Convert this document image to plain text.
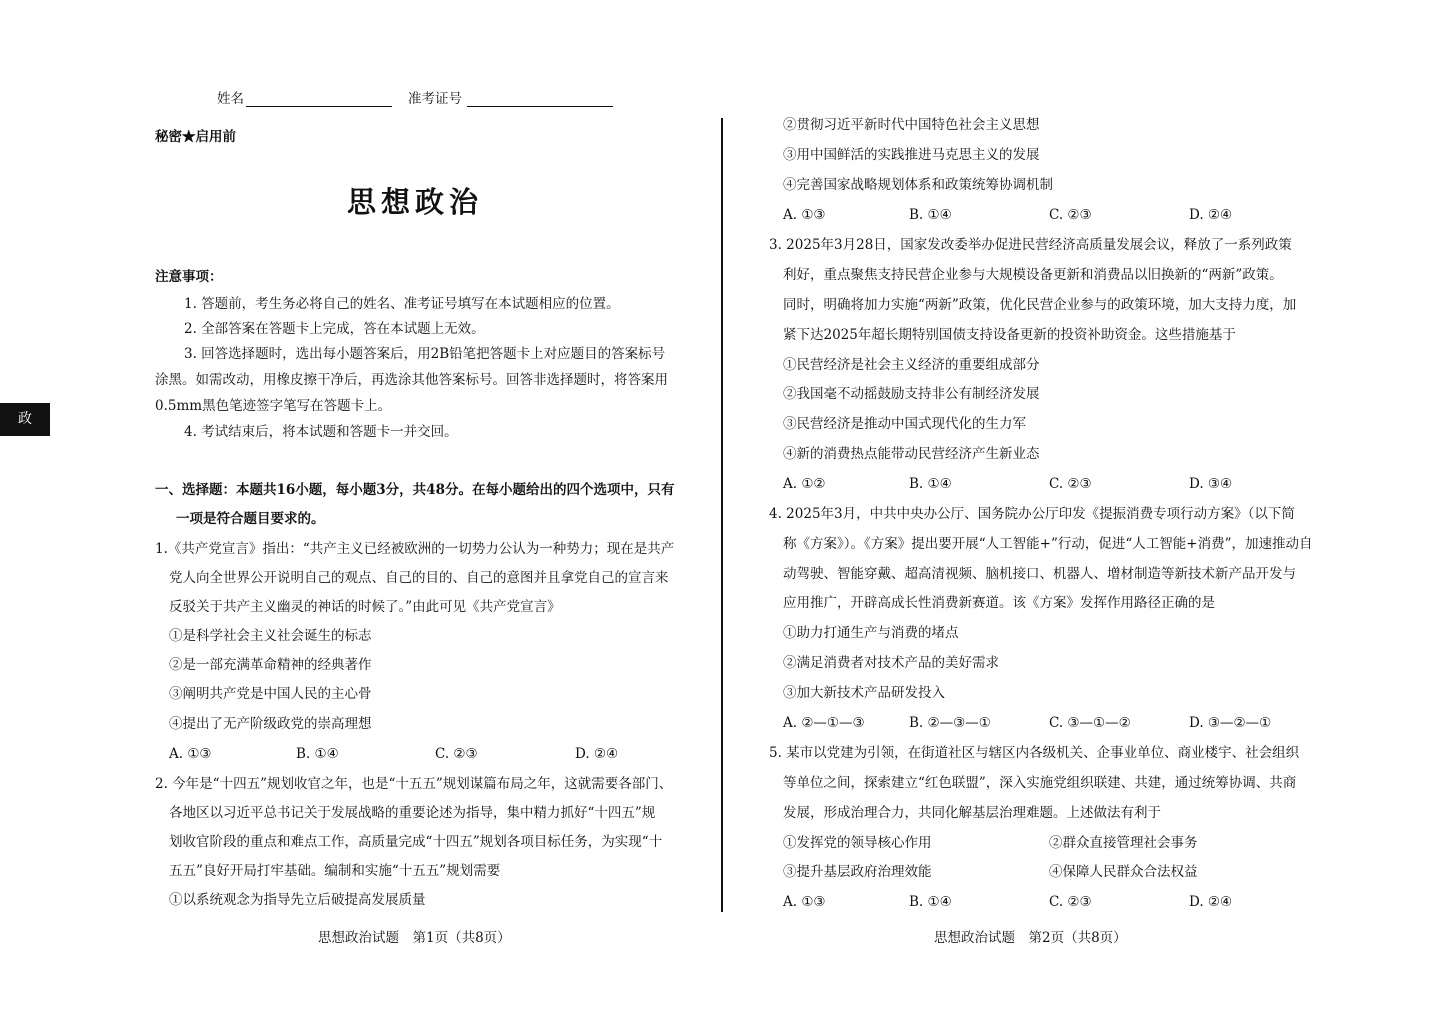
政
姓名	准考证号
秘密★启用前
思想政治
注意事项：
1. 答题前，考生务必将自己的姓名、准考证号填写在本试题相应的位置。
2. 全部答案在答题卡上完成，答在本试题上无效。
3. 回答选择题时，选出每小题答案后，用2B铅笔把答题卡上对应题目的答案标号
涂黑。如需改动，用橡皮擦干净后，再选涂其他答案标号。回答非选择题时，将答案用
0.5mm黑色笔迹签字笔写在答题卡上。
4. 考试结束后，将本试题和答题卡一并交回。
一、选择题：本题共16小题，每小题3分，共48分。在每小题给出的四个选项中，只有
一项是符合题目要求的。
1.《共产党宣言》指出：“共产主义已经被欧洲的一切势力公认为一种势力；现在是共产
党人向全世界公开说明自己的观点、自己的目的、自己的意图并且拿党自己的宣言来
反驳关于共产主义幽灵的神话的时候了。”由此可见《共产党宣言》
①是科学社会主义社会诞生的标志
②是一部充满革命精神的经典著作
③阐明共产党是中国人民的主心骨
④提出了无产阶级政党的崇高理想
A. ①③	B. ①④	C. ②③	D. ②④
2. 今年是“十四五”规划收官之年，也是“十五五”规划谋篇布局之年，这就需要各部门、
各地区以习近平总书记关于发展战略的重要论述为指导，集中精力抓好“十四五”规
划收官阶段的重点和难点工作，高质量完成“十四五”规划各项目标任务，为实现“十
五五”良好开局打牢基础。编制和实施“十五五”规划需要
①以系统观念为指导先立后破提高发展质量
②贯彻习近平新时代中国特色社会主义思想
③用中国鲜活的实践推进马克思主义的发展
④完善国家战略规划体系和政策统筹协调机制
A. ①③	B. ①④	C. ②③	D. ②④
3. 2025年3月28日，国家发改委举办促进民营经济高质量发展会议，释放了一系列政策
利好，重点聚焦支持民营企业参与大规模设备更新和消费品以旧换新的“两新”政策。
同时，明确将加力实施“两新”政策，优化民营企业参与的政策环境，加大支持力度，加
紧下达2025年超长期特别国债支持设备更新的投资补助资金。这些措施基于
①民营经济是社会主义经济的重要组成部分
②我国毫不动摇鼓励支持非公有制经济发展
③民营经济是推动中国式现代化的生力军
④新的消费热点能带动民营经济产生新业态
A. ①②	B. ①④	C. ②③	D. ③④
4. 2025年3月，中共中央办公厅、国务院办公厅印发《提振消费专项行动方案》（以下简
称《方案》）。《方案》提出要开展“人工智能+”行动，促进“人工智能+消费”，加速推动自
动驾驶、智能穿戴、超高清视频、脑机接口、机器人、增材制造等新技术新产品开发与
应用推广，开辟高成长性消费新赛道。该《方案》发挥作用路径正确的是
①助力打通生产与消费的堵点
②满足消费者对技术产品的美好需求
③加大新技术产品研发投入
A. ②—①—③	B. ②—③—①	C. ③—①—②	D. ③—②—①
5. 某市以党建为引领，在街道社区与辖区内各级机关、企事业单位、商业楼宇、社会组织
等单位之间，探索建立“红色联盟”，深入实施党组织联建、共建，通过统筹协调、共商
发展，形成治理合力，共同化解基层治理难题。上述做法有利于
①发挥党的领导核心作用	②群众直接管理社会事务
③提升基层政府治理效能	④保障人民群众合法权益
A. ①③	B. ①④	C. ②③	D. ②④
思想政治试题　第1页（共8页）	思想政治试题　第2页（共8页）
